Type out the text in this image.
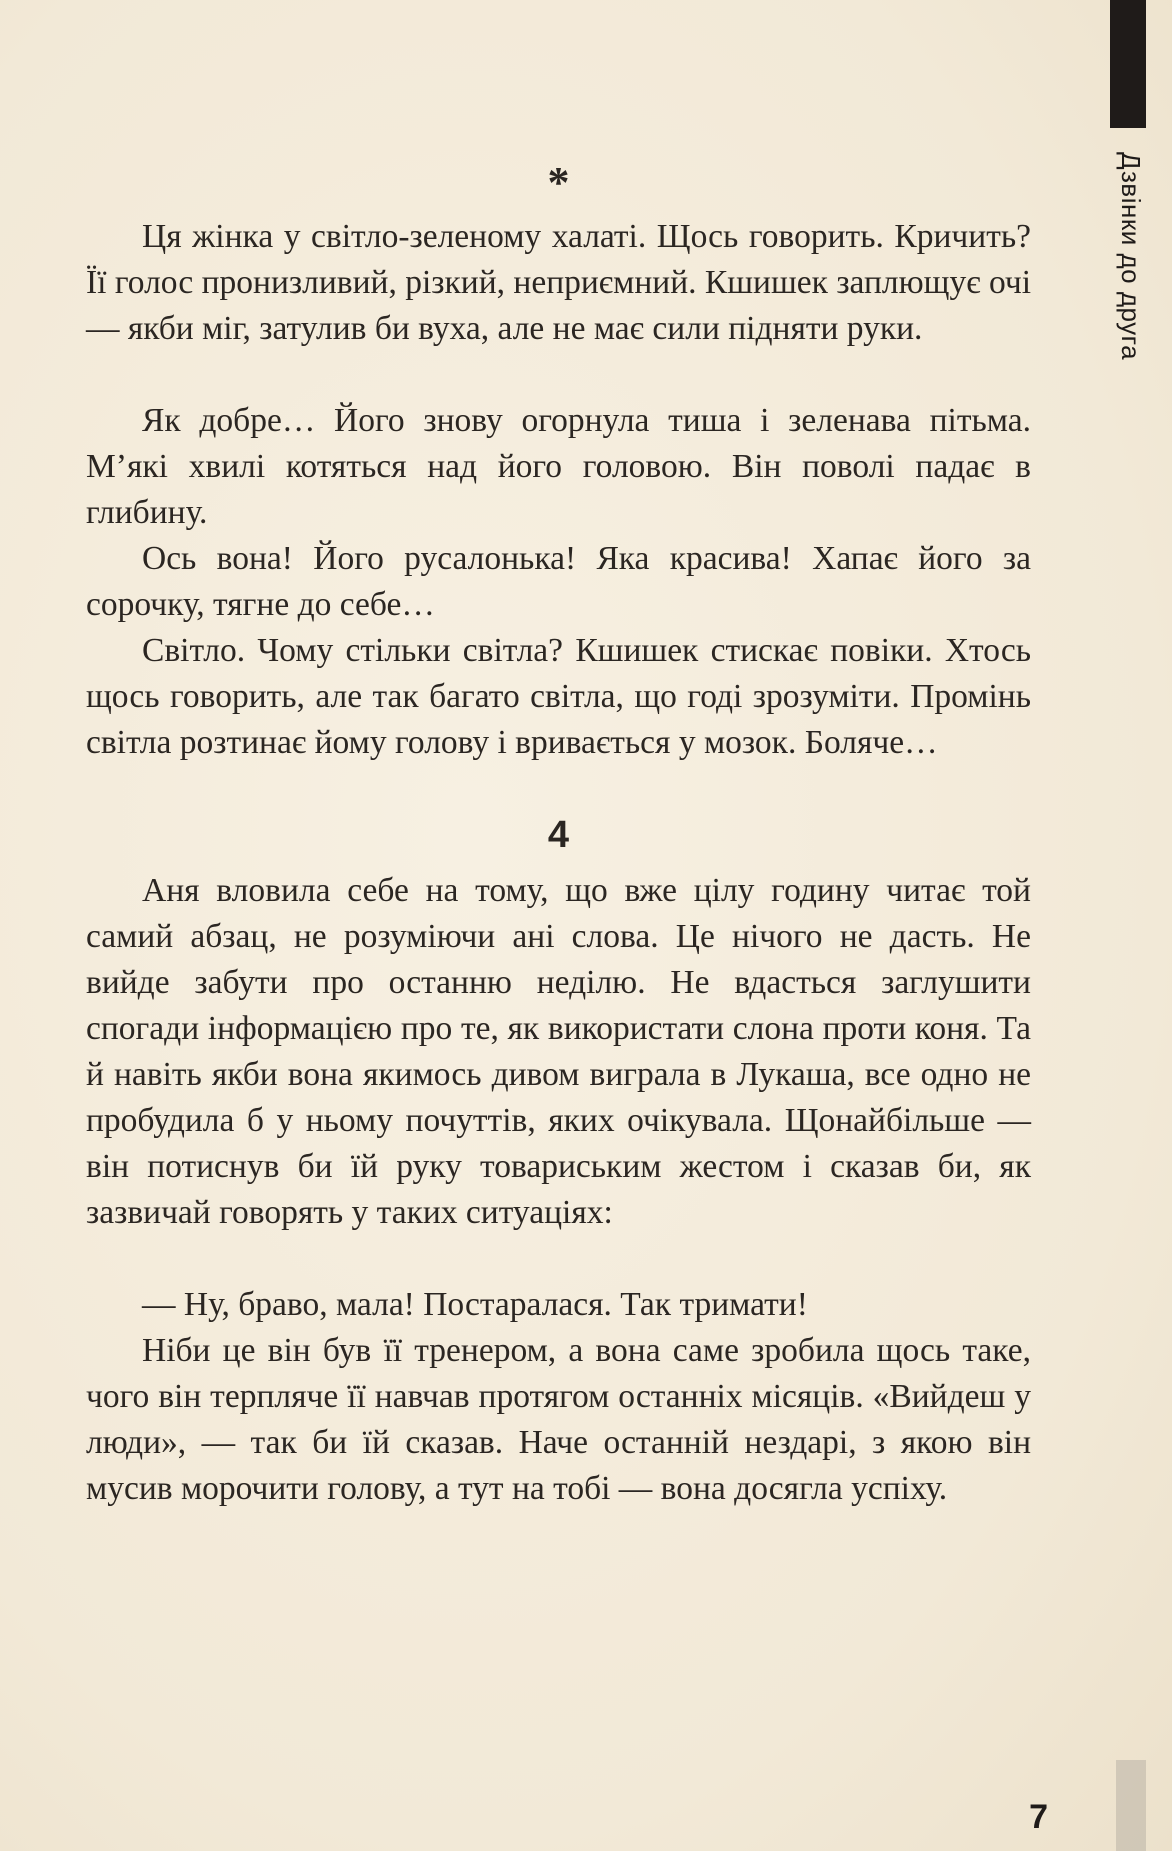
Дзвінки до друга
*
Ця жінка у світло-зеленому халаті. Щось говорить. Кричить? Її голос пронизливий, різкий, неприємний. Кшишек заплющує очі — якби міг, затулив би вуха, але не має сили підняти руки.
Як добре… Його знову огорнула тиша і зеленава пітьма. М’які хвилі котяться над його головою. Він поволі падає в глибину.
Ось вона! Його русалонька! Яка красива! Хапає його за сорочку, тягне до себе…
Світло. Чому стільки світла? Кшишек стискає повіки. Хтось щось говорить, але так багато світла, що годі зрозуміти. Промінь світла розтинає йому голову і вривається у мозок. Боляче…
4
Аня вловила себе на тому, що вже цілу годину читає той самий абзац, не розуміючи ані слова. Це нічого не дасть. Не вийде забути про останню неділю. Не вдасться заглушити спогади інформацією про те, як використати слона проти коня. Та й навіть якби вона якимось дивом виграла в Лукаша, все одно не пробудила б у ньому почуттів, яких очікувала. Щонайбільше — він потиснув би їй руку товариським жестом і сказав би, як зазвичай говорять у таких ситуаціях:
— Ну, браво, мала! Постаралася. Так тримати!
Ніби це він був її тренером, а вона саме зробила щось таке, чого він терпляче її навчав протягом останніх місяців. «Вийдеш у люди», — так би їй сказав. Наче останній нездарі, з якою він мусив морочити голову, а тут на тобі — вона досягла успіху.
7
